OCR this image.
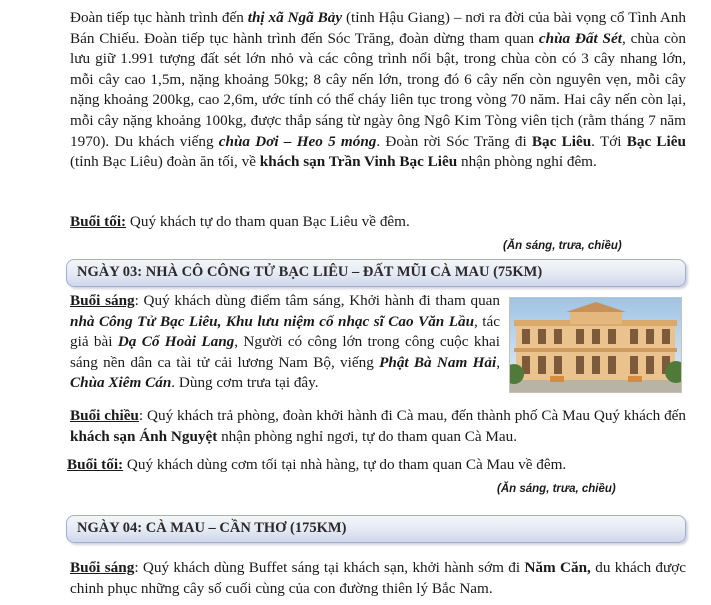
Đoàn tiếp tục hành trình đến thị xã Ngã Bảy (tỉnh Hậu Giang) – nơi ra đời của bài vọng cổ Tình Anh Bán Chiếu. Đoàn tiếp tục hành trình đến Sóc Trăng, đoàn dừng tham quan chùa Đất Sét, chùa còn lưu giữ 1.991 tượng đất sét lớn nhỏ và các công trình nổi bật, trong chùa còn có 3 cây nhang lớn, mỗi cây cao 1,5m, nặng khoảng 50kg; 8 cây nến lớn, trong đó 6 cây nến còn nguyên vẹn, mỗi cây nặng khoảng 200kg, cao 2,6m, ước tính có thể cháy liên tục trong vòng 70 năm. Hai cây nến còn lại, mỗi cây nặng khoảng 100kg, được thắp sáng từ ngày ông Ngô Kim Tòng viên tịch (rằm tháng 7 năm 1970). Du khách viếng chùa Dơi – Heo 5 móng. Đoàn rời Sóc Trăng đi Bạc Liêu. Tới Bạc Liêu (tỉnh Bạc Liêu) đoàn ăn tối, về khách sạn Trần Vinh Bạc Liêu nhận phòng nghỉ đêm.
Buổi tối: Quý khách tự do tham quan Bạc Liêu về đêm.
(Ăn sáng, trưa, chiều)
NGÀY 03: NHÀ CÔ CÔNG TỬ BẠC LIÊU – ĐẤT MŨI CÀ MAU (75KM)
Buổi sáng: Quý khách dùng điểm tâm sáng, Khởi hành đi tham quan nhà Công Tử Bạc Liêu, Khu lưu niệm cố nhạc sĩ Cao Văn Lầu, tác giả bài Dạ Cổ Hoài Lang, Người có công lớn trong công cuộc khai sáng nền dân ca tài tử cải lương Nam Bộ, viếng Phật Bà Nam Hải, Chùa Xiêm Cán. Dùng cơm trưa tại đây.
Buổi chiều: Quý khách trả phòng, đoàn khởi hành đi Cà mau, đến thành phố Cà Mau Quý khách đến khách sạn Ánh Nguyệt nhận phòng nghỉ ngơi, tự do tham quan Cà Mau.
Buổi tối: Quý khách dùng cơm tối tại nhà hàng, tự do tham quan Cà Mau về đêm.
(Ăn sáng, trưa, chiều)
NGÀY 04: CÀ MAU – CẦN THƠ (175KM)
Buổi sáng: Quý khách dùng Buffet sáng tại khách sạn, khởi hành sớm đi Năm Căn, du khách được chinh phục những cây số cuối cùng của con đường thiên lý Bắc Nam.
